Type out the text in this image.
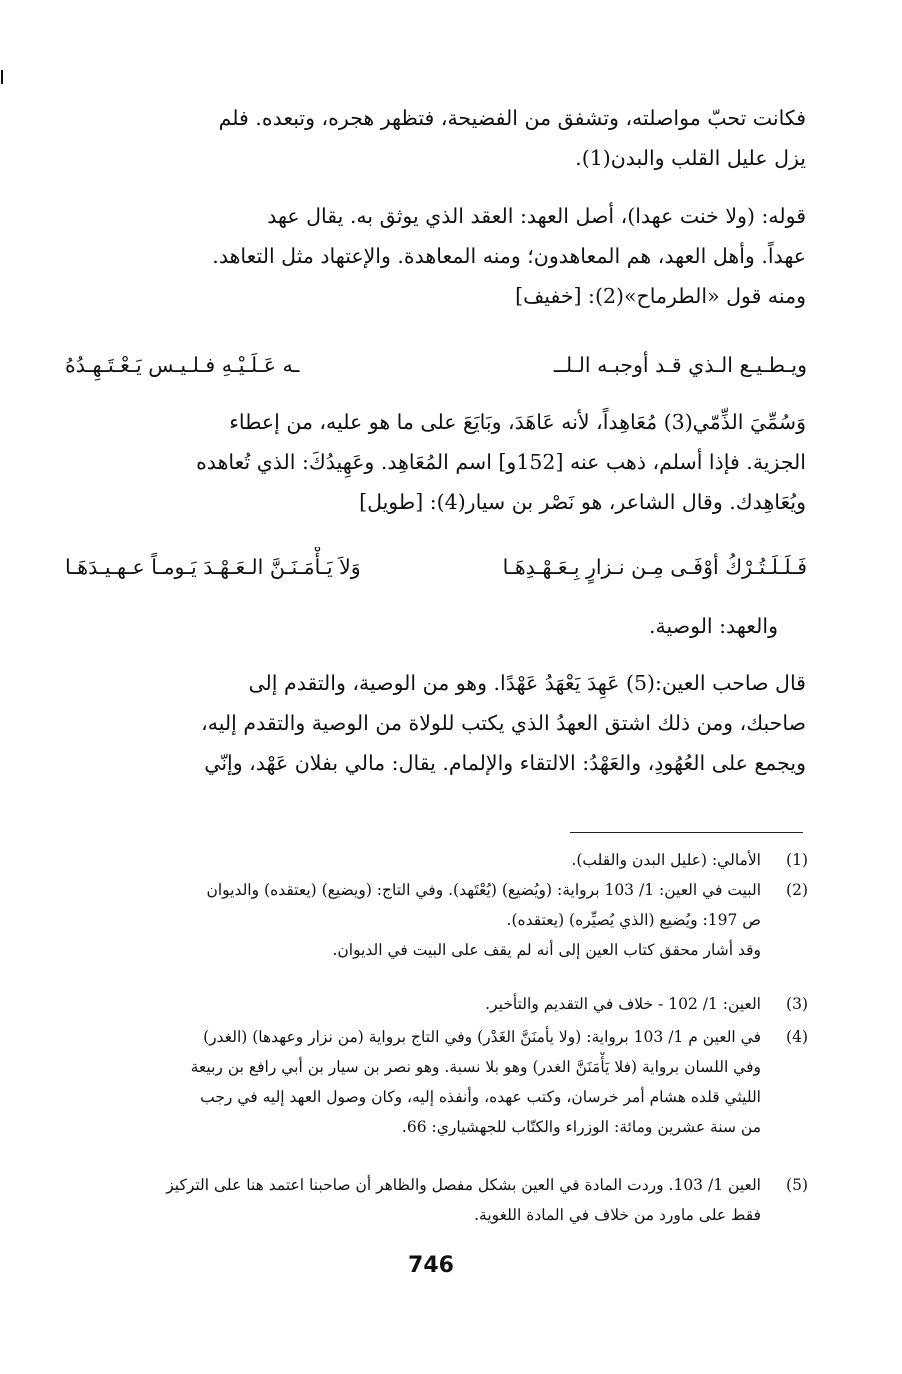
فكانت تحبّ مواصلته، وتشفق من الفضيحة، فتظهر هجره، وتبعده. فلم
يزل عليل القلب والبدن(1).
قوله: (ولا خنت عهدا)، أصل العهد: العقد الذي يوثق به. يقال عهد
عهداً. وأهل العهد، هم المعاهدون؛ ومنه المعاهدة. والإعتهاد مثل التعاهد.
ومنه قول «الطرماح»(2): [خفيف]
ويـطـيـع الـذي قـد أوجبـه الـلــ
ـه عَـلَـيْـهِ فـلـيـس يَـعْـتَـهِـدُهُ
وَسُمِّيَ الذِّمّي(3) مُعَاهِداً، لأنه عَاهَدَ، وبَايَعَ على ما هو عليه، من إعطاء
الجزية. فإذا أسلم، ذهب عنه [152و] اسم المُعَاهِد. وعَهِيدُكَ: الذي تُعاهده
ويُعَاهِدك. وقال الشاعر، هو نَصْر بن سيار(4): [طويل]
فَـلَـلَـتُـرْكُ أوْفَـى مِـن نـزارٍ بِـعَـهْـدِهَـا
وَلاَ يَـأْمَـنَـنَّ الـعَـهْـدَ يَـومـاً عـهـيـدَهَـا
والعهد: الوصية.
قال صاحب العين:(5) عَهِدَ يَعْهَدُ عَهْدًا. وهو من الوصية، والتقدم إلى
صاحبك، ومن ذلك اشتق العهدُ الذي يكتب للولاة من الوصية والتقدم إليه،
ويجمع على العُهُودِ، والعَهْدُ: الالتقاء والإلمام. يقال: مالي بفلان عَهْد، وإنّي
(1)
الأمالي: (عليل البدن والقلب).
(2)
البيت في العين: 1/ 103 برواية: (ويُضيع) (يُعْتَهد). وفي التاج: (ويضيع) (يعتقده) والديوان
ص 197: ويُضيع (الذي يُصيِّره) (يعتقده).
وقد أشار محقق كتاب العين إلى أنه لم يقف على البيت في الديوان.
(3)
العين: 1/ 102 - خلاف في التقديم والتأخير.
(4)
في العين م 1/ 103 برواية: (ولا يأمنَنَّ الغَدْر) وفي التاج برواية (من نزار وعهدها) (الغدر)
وفي اللسان برواية (فلا يَأْمَنَنَّ الغدر) وهو بلا نسبة. وهو نصر بن سيار بن أبي رافع بن ربيعة
الليثي قلده هشام أمر خرسان، وكتب عهده، وأنفذه إليه، وكان وصول العهد إليه في رجب
من سنة عشرين ومائة: الوزراء والكتّاب للجهشياري: 66.
(5)
العين 1/ 103. وردت المادة في العين بشكل مفصل والظاهر أن صاحبنا اعتمد هنا على التركيز
فقط على ماورد من خلاف في المادة اللغوية.
746
